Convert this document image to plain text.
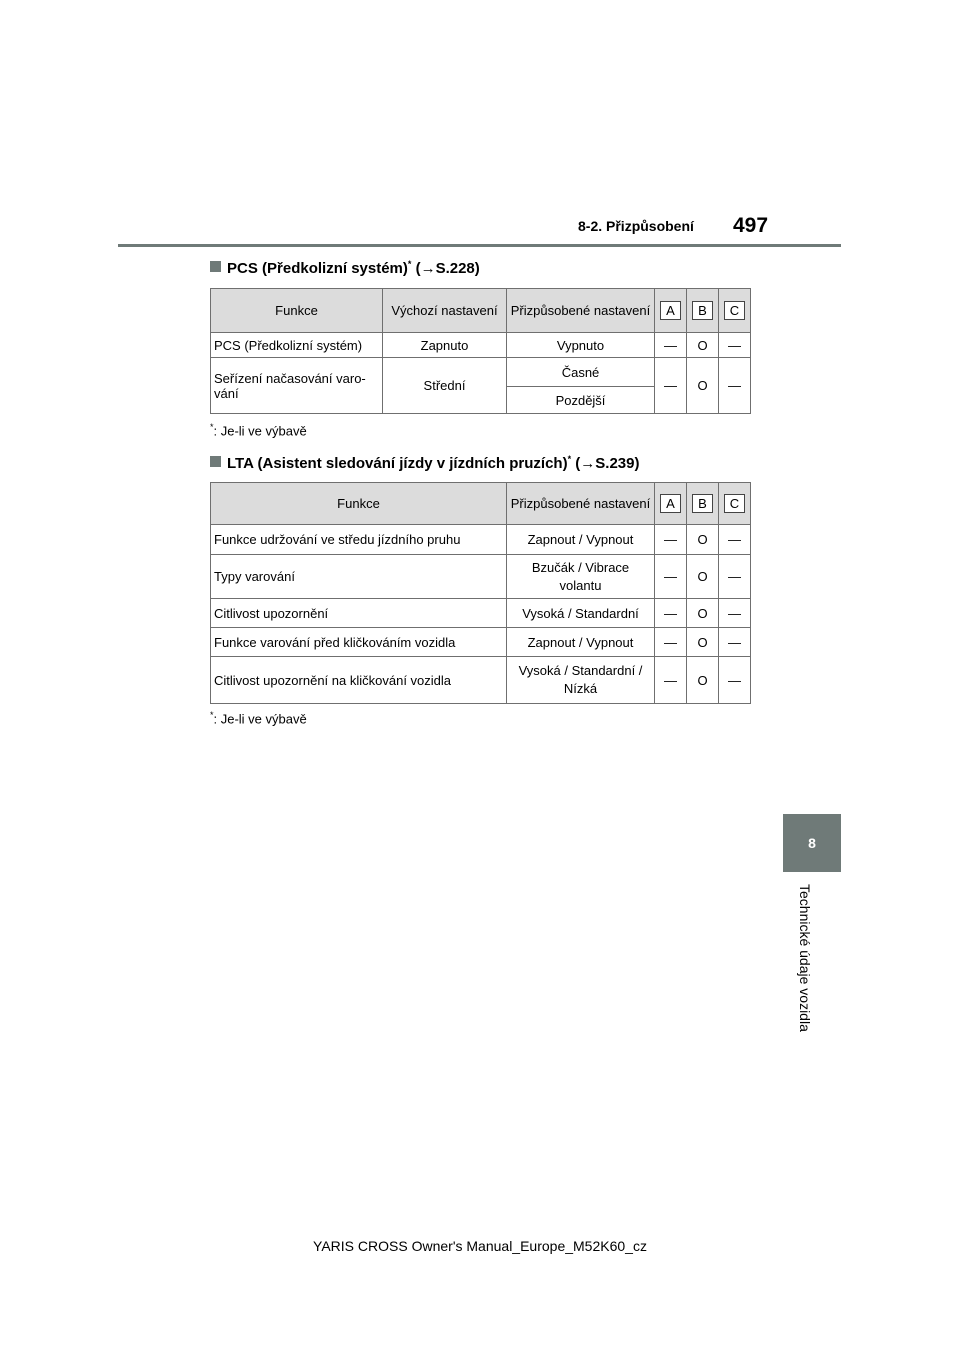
8-2. Přizpůsobení 497
PCS (Předkolizní systém)* (→S.228)
Funkce	Výchozí nastavení	Přizpůsobené nastavení	A	B	C
PCS (Předkolizní systém)	Zapnuto	Vypnuto	—	O	—
Seřízení načasování varo-vání	Střední	Časné	—	O	—
		Pozdější			
*: Je-li ve výbavě
LTA (Asistent sledování jízdy v jízdních pruzích)* (→S.239)
Funkce	Přizpůsobené nastavení	A	B	C
Funkce udržování ve středu jízdního pruhu	Zapnout / Vypnout	—	O	—
Typy varování	Bzučák / Vibrace volantu	—	O	—
Citlivost upozornění	Vysoká / Standardní	—	O	—
Funkce varování před kličkováním vozidla	Zapnout / Vypnout	—	O	—
Citlivost upozornění na kličkování vozidla	Vysoká / Standardní / Nízká	—	O	—
*: Je-li ve výbavě
8
Technické údaje vozidla
YARIS CROSS Owner's Manual_Europe_M52K60_cz
